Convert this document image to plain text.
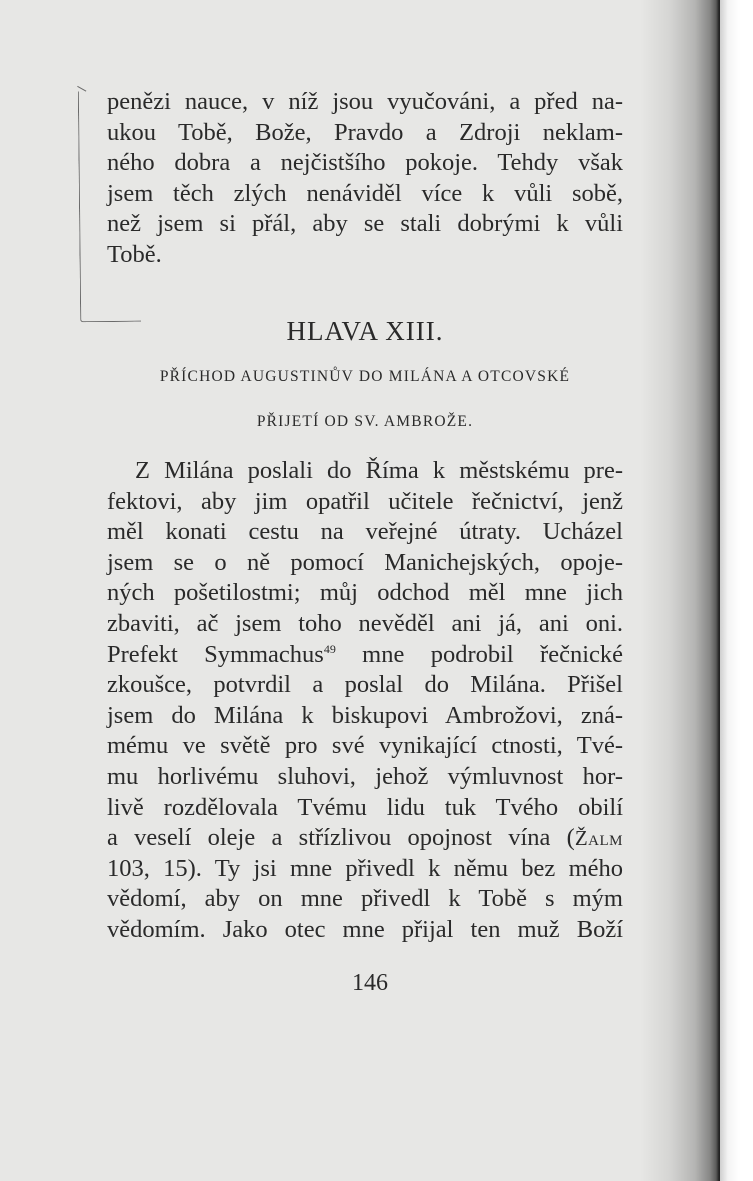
penězi nauce, v níž jsou vyučováni, a před na-
ukou Tobě, Bože, Pravdo a Zdroji neklam-
ného dobra a nejčistšího pokoje. Tehdy však
jsem těch zlých nenáviděl více k vůli sobě,
než jsem si přál, aby se stali dobrými k vůli
Tobě.
HLAVA XIII.
PŘÍCHOD AUGUSTINŮV DO MILÁNA A OTCOVSKÉ
PŘIJETÍ OD SV. AMBROŽE.
Z Milána poslali do Říma k městskému pre-
fektovi, aby jim opatřil učitele řečnictví, jenž
měl konati cestu na veřejné útraty. Ucházel
jsem se o ně pomocí Manichejských, opoje-
ných pošetilostmi; můj odchod měl mne jich
zbaviti, ač jsem toho nevěděl ani já, ani oni.
Prefekt Symmachus$^{49}$ mne podrobil řečnické
zkoušce, potvrdil a poslal do Milána. Přišel
jsem do Milána k biskupovi Ambrožovi, zná-
mému ve světě pro své vynikající ctnosti, Tvé-
mu horlivému sluhovi, jehož výmluvnost hor-
livě rozdělovala Tvému lidu tuk Tvého obilí
a veselí oleje a střízlivou opojnost vína (Žalm
103, 15). Ty jsi mne přivedl k němu bez mého
vědomí, aby on mne přivedl k Tobě s mým
vědomím. Jako otec mne přijal ten muž Boží
146
